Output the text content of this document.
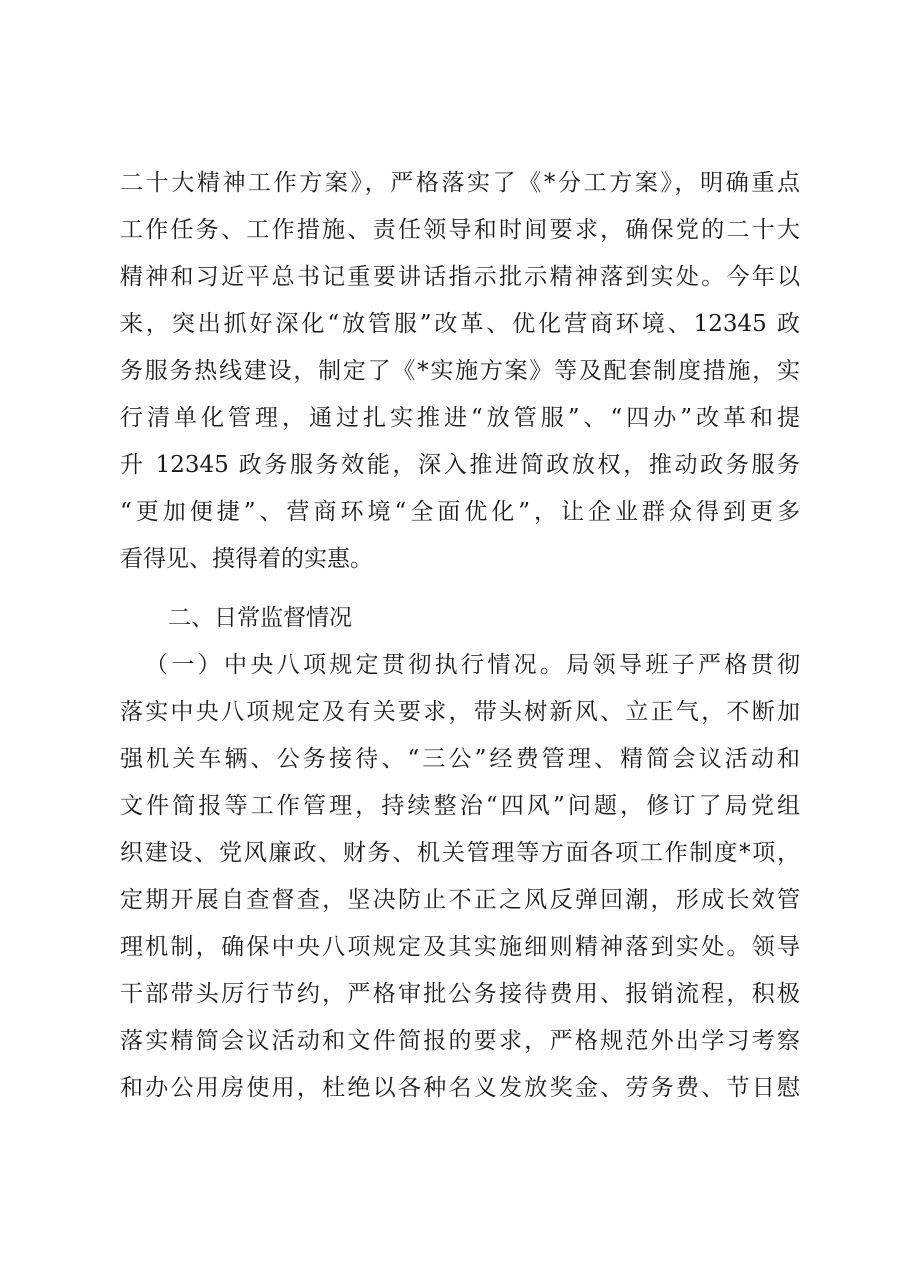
二十大精神工作方案》，严格落实了《*分工方案》，明确重点
工作任务、工作措施、责任领导和时间要求，确保党的二十大
精神和习近平总书记重要讲话指示批示精神落到实处。今年以
来，突出抓好深化“放管服”改革、优化营商环境、12345 政
务服务热线建设，制定了《*实施方案》等及配套制度措施，实
行清单化管理，通过扎实推进“放管服”、“四办”改革和提
升 12345 政务服务效能，深入推进简政放权，推动政务服务
“更加便捷”、营商环境“全面优化”，让企业群众得到更多
看得见、摸得着的实惠。
二、日常监督情况
（一）中央八项规定贯彻执行情况。局领导班子严格贯彻
落实中央八项规定及有关要求，带头树新风、立正气，不断加
强机关车辆、公务接待、“三公”经费管理、精简会议活动和
文件简报等工作管理，持续整治“四风”问题，修订了局党组
织建设、党风廉政、财务、机关管理等方面各项工作制度*项，
定期开展自查督查，坚决防止不正之风反弹回潮，形成长效管
理机制，确保中央八项规定及其实施细则精神落到实处。领导
干部带头厉行节约，严格审批公务接待费用、报销流程，积极
落实精简会议活动和文件简报的要求，严格规范外出学习考察
和办公用房使用，杜绝以各种名义发放奖金、劳务费、节日慰
